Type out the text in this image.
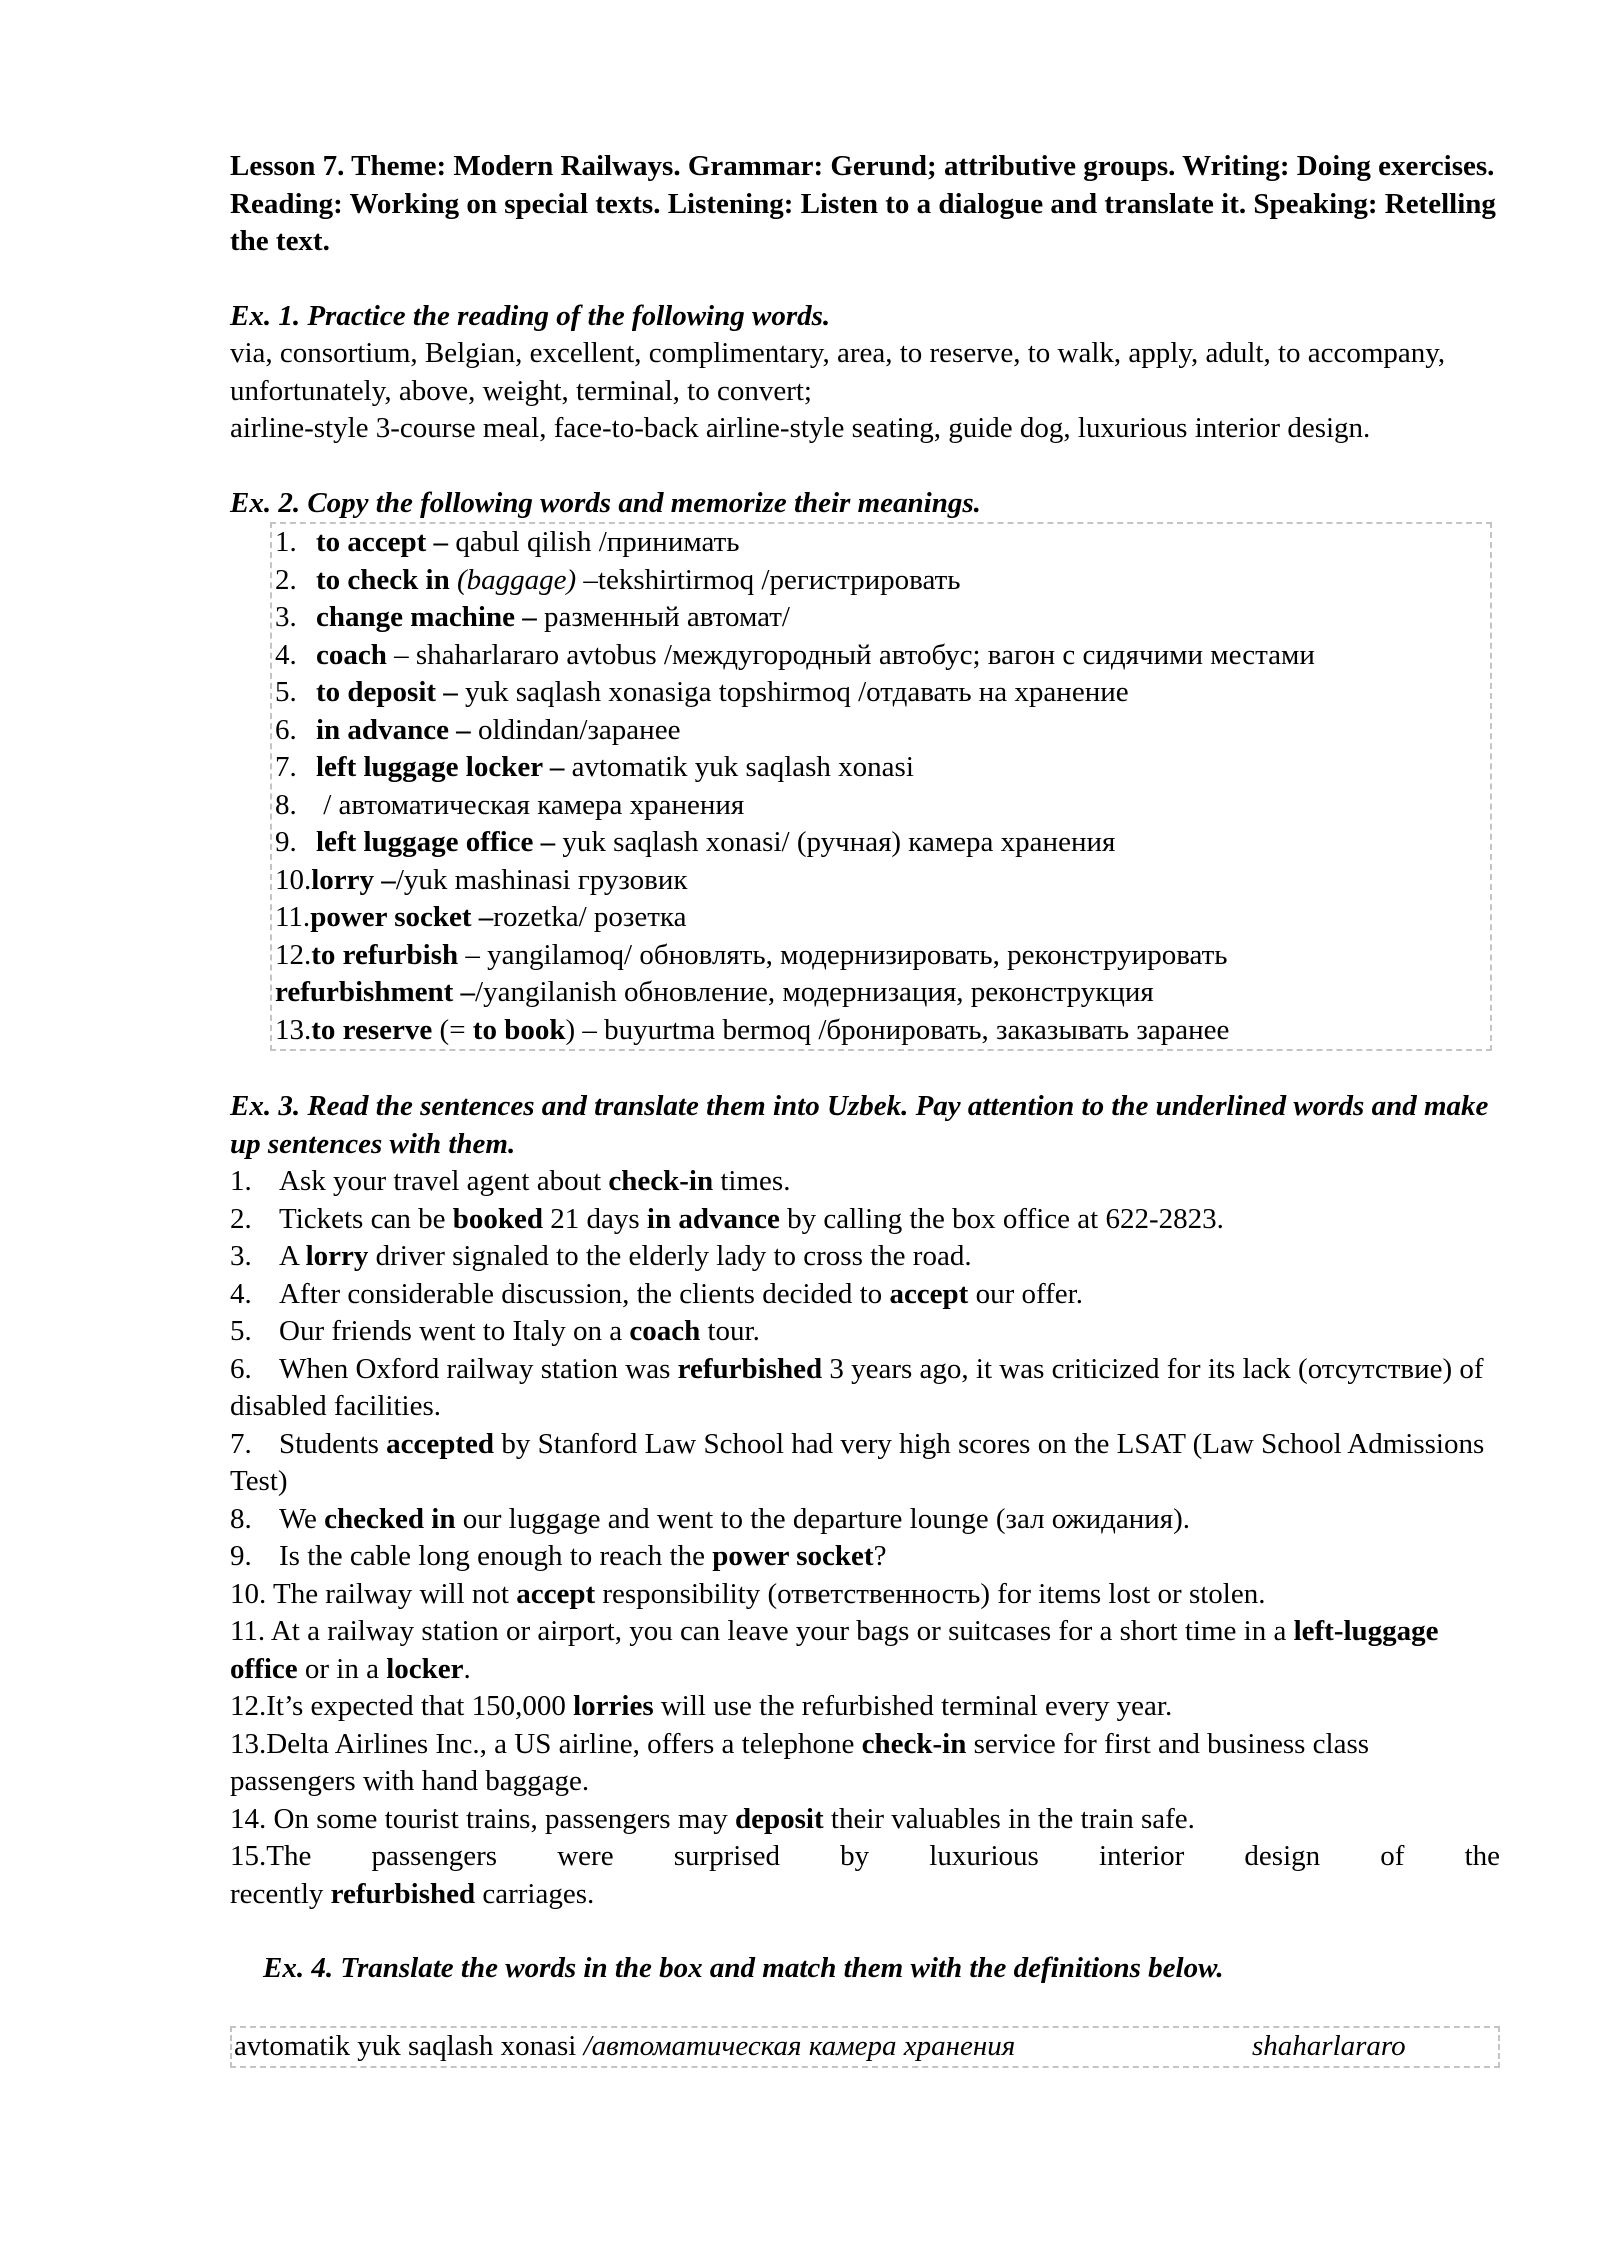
Lesson 7. Theme: Modern Railways. Grammar: Gerund; attributive groups. Writing: Doing exercises. Reading: Working on special texts. Listening: Listen to a dialogue and translate it. Speaking: Retelling the text.
Ex. 1. Practice the reading of the following words.
via, consortium, Belgian, excellent, complimentary, area, to reserve, to walk, apply, adult, to accompany, unfortunately, above, weight, terminal, to convert;
airline-style 3-course meal, face-to-back airline-style seating, guide dog, luxurious interior design.
Ex. 2. Copy the following words and memorize their meanings.
1. to accept – qabul qilish /принимать
2. to check in (baggage) –tekshirtirmoq /регистрировать
3. change machine – разменный автомат/
4. coach – shaharlararo avtobus /междугородный автобус; вагон с сидячими местами
5. to deposit – yuk saqlash xonasiga topshirmoq /отдавать на хранение
6. in advance – oldindan/заранее
7. left luggage locker – avtomatik yuk saqlash xonasi
8. / автоматическая камера хранения
9. left luggage office – yuk saqlash xonasi/ (ручная) камера хранения
10.lorry –/yuk mashinasi грузовик
11.power socket –rozetka/ розетка
12.to refurbish – yangilamoq/ обновлять, модернизировать, реконструировать
refurbishment –/yangilanish обновление, модернизация, реконструкция
13.to reserve (= to book) – buyurtma bermoq /бронировать, заказывать заранее
Ex. 3. Read the sentences and translate them into Uzbek. Pay attention to the underlined words and make up sentences with them.
1. Ask your travel agent about check-in times.
2. Tickets can be booked 21 days in advance by calling the box office at 622-2823.
3. A lorry driver signaled to the elderly lady to cross the road.
4. After considerable discussion, the clients decided to accept our offer.
5. Our friends went to Italy on a coach tour.
6. When Oxford railway station was refurbished 3 years ago, it was criticized for its lack (отсутствие) of disabled facilities.
7. Students accepted by Stanford Law School had very high scores on the LSAT (Law School Admissions Test)
8. We checked in our luggage and went to the departure lounge (зал ожидания).
9. Is the cable long enough to reach the power socket?
10. The railway will not accept responsibility (ответственность) for items lost or stolen.
11. At a railway station or airport, you can leave your bags or suitcases for a short time in a left-luggage office or in a locker.
12.It’s expected that 150,000 lorries will use the refurbished terminal every year.
13.Delta Airlines Inc., a US airline, offers a telephone check-in service for first and business class passengers with hand baggage.
14. On some tourist trains, passengers may deposit their valuables in the train safe.
15.The passengers were surprised by luxurious interior design of the
recently refurbished carriages.
Ex. 4. Translate the words in the box and match them with the definitions below.
avtomatik yuk saqlash xonasi /автоматическая камера хранения	shaharlararo
